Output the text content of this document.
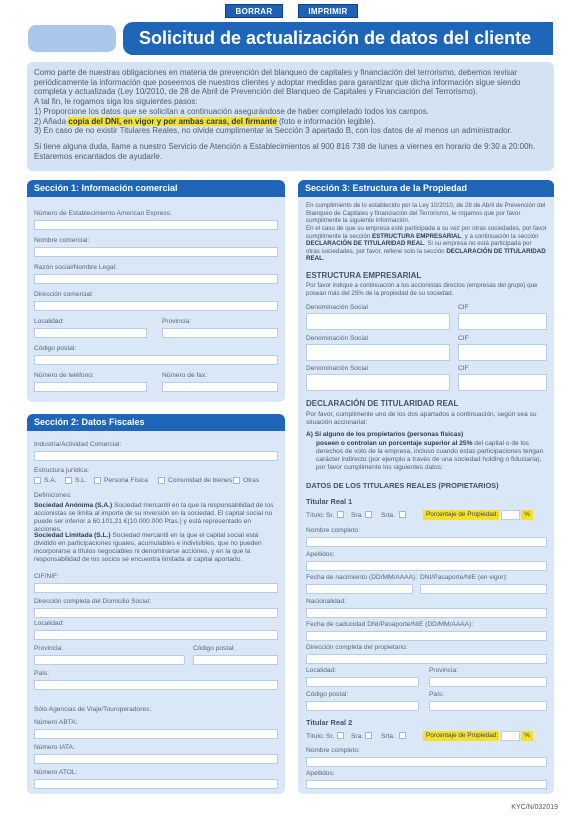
BORRAR	IMPRIMIR
Solicitud de actualización de datos del cliente

Como parte de nuestras obligaciones en materia de prevención del blanqueo de capitales y financiación del terrorismo, debemos revisar periódicamente la información que poseemos de nuestros clientes y adoptar medidas para garantizar que dicha información sigue siendo completa y actualizada (Ley 10/2010, de 28 de Abril de Prevención del Blanqueo de Capitales y Financiación del Terrorismo).

A tal fin, le rogamos siga los siguientes pasos:

1) Proporcione los datos que se solicitan a continuación asegurándose de haber completado todos los campos.

2) Añada copia del DNI, en vigor y por ambas caras, del firmante (foto e información legible).

3) En caso de no existir Titulares Reales, no olvide cumplimentar la Sección 3 apartado B, con los datos de al menos un administrador.

Si tiene alguna duda, llame a nuestro Servicio de Atención a Establecimientos al 900 816 738 de lunes a viernes en horario de 9:30 a 20:00h. Estaremos encantados de ayudarle.

Sección 1: Información comercial
Número de Establecimiento American Express:
Nombre comercial:
Razón social/Nombre Legal:
Dirección comercial:
Localidad:	Provincia:
Código postal:
Número de teléfono:	Número de fax:
Sección 2: Datos Fiscales
Industria/Actividad Comercial:
Estructura jurídica:
S.A.	S.L.	Persona Física	Comunidad de bienes Otras
Definiciones:
Sociedad Anónima (S.A.) Sociedad mercantil en la que la responsabilidad de los accionistas se limita al importe de su inversión en la sociedad. El capital social no puede ser inferior a 60.101,21 €(10.000.000 Ptas.) y está representado en acciones.
Sociedad Limitada (S.L.) Sociedad mercantil en la que el capital social está dividido en participaciones iguales, acumulables e indivisibles, que no pueden incorporarse a títulos negociables ni denominarse acciones, y en la que la responsabilidad de los socios se encuentra limitada al capital aportado.
CIF/NIF:
Dirección completa del Domicilio Social:
Localidad:
Provincia:	Código postal:
País:
Sólo Agencias de Viaje/Touroperadores:
Número ABTA:
Número IATA:
Número ATOL:
Sección 3: Estructura de la Propiedad
En cumplimiento de lo establecido por la Ley 10/2010, de 28 de Abril de Prevención del Blanqueo de Capitales y financiación del Terrorismo, le rogamos que por favor cumplimente la siguiente información.
En el caso de que su empresa esté participada a su vez por otras sociedades, por favor cumplimente la sección ESTRUCTURA EMPRESARIAL, y a continuación la sección DECLARACIÓN DE TITULARIDAD REAL. Si su empresa no está participada por otras sociedades, por favor, rellene solo la sección DECLARACIÓN DE TITULARIDAD REAL.
ESTRUCTURA EMPRESARIAL
Por favor indique a continuación a los accionistas directos (empresas del grupo) que posean más del 25% de la propiedad de su sociedad.
Denominación Social	CIF
Denominación Social	CIF
Denominación Social	CIF
DECLARACIÓN DE TITULARIDAD REAL
Por favor, cumplimente uno de los dos apartados a continuación, según sea su situación accionarial:
A) Si alguno de los propietarios (personas físicas)
poseen o controlan un porcentaje superior al 25% del capital o de los derechos de voto de la empresa, incluso cuando estas participaciones tengan carácter indirecto (por ejemplo a través de una sociedad holding o fiduciaria), por favor cumplimente los siguientes datos:
DATOS DE LOS TITULARES REALES (PROPIETARIOS)
Titular Real 1
Título: Sr.	Sra.	Srta.	Porcentaje de Propiedad:	%
Nombre completo:
Apellidos:
Fecha de nacimiento (DD/MM/AAAA): DNI/Pasaporte/NIE (en vigor):
Nacionalidad:
Fecha de caducidad DNI/Pasaporte/NIE (DD/MM/AAAA):
Dirección completa del propietario:
Localidad:	Provincia:
Código postal:	País:
Titular Real 2
Título: Sr.	Sra.	Srta.	Porcentaje de Propiedad:	%
Nombre completo:
Apellidos:
KYC/N/032019
